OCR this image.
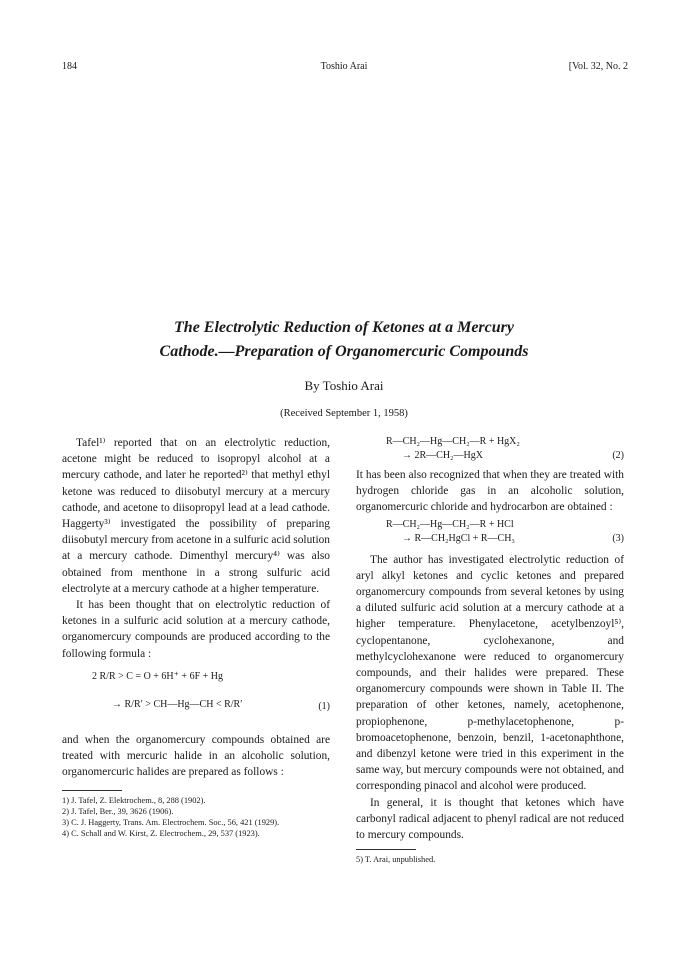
184	Toshio Arai	[Vol. 32, No. 2
The Electrolytic Reduction of Ketones at a Mercury
Cathode.—Preparation of Organomercuric Compounds
By Toshio Arai
(Received September 1, 1958)

Tafel¹⁾ reported that on an electrolytic reduction, acetone might be reduced to isopropyl alcohol at a mercury cathode, and later he reported²⁾ that methyl ethyl ketone was reduced to diisobutyl mercury at a mercury cathode, and acetone to diisopropyl lead at a lead cathode. Haggerty³⁾ investigated the possibility of preparing diisobutyl mercury from acetone in a sulfuric acid solution at a mercury cathode. Dimenthyl mercury⁴⁾ was also obtained from menthone in a strong sulfuric acid electrolyte at a mercury cathode at a higher temperature.

It has been thought that on electrolytic reduction of ketones in a sulfuric acid solution at a mercury cathode, organomercury compounds are produced according to the following formula :

2 R/R > C = O + 6H⁺ + 6F + Hg
→ R/R′ > CH—Hg—CH < R/R′	(1)

and when the organomercury compounds obtained are treated with mercuric halide in an alcoholic solution, organomercuric halides are prepared as follows :

1) J. Tafel, Z. Elektrochem., 8, 288 (1902).

2) J. Tafel, Ber., 39, 3626 (1906).

3) C. J. Haggerty, Trans. Am. Electrochem. Soc., 56, 421 (1929).

4) C. Schall and W. Kirst, Z. Electrochem., 29, 537 (1923).

R—CH₂—Hg—CH₂—R + HgX₂
→ 2R—CH₂—HgX	(2)

It has been also recognized that when they are treated with hydrogen chloride gas in an alcoholic solution, organomercuric chloride and hydrocarbon are obtained :

R—CH₂—Hg—CH₂—R + HCl
→ R—CH₂HgCl + R—CH₃	(3)

The author has investigated electrolytic reduction of aryl alkyl ketones and cyclic ketones and prepared organomercury compounds from several ketones by using a diluted sulfuric acid solution at a mercury cathode at a higher temperature. Phenylacetone, acetylbenzoyl⁵⁾, cyclopentanone, cyclohexanone, and methylcyclohexanone were reduced to organomercury compounds, and their halides were prepared. These organomercury compounds were shown in Table II. The preparation of other ketones, namely, acetophenone, propiophenone, p-methylacetophenone, p-bromoacetophenone, benzoin, benzil, 1-acetonaphthone, and dibenzyl ketone were tried in this experiment in the same way, but mercury compounds were not obtained, and corresponding pinacol and alcohol were produced.

In general, it is thought that ketones which have carbonyl radical adjacent to phenyl radical are not reduced to mercury compounds.

5) T. Arai, unpublished.
